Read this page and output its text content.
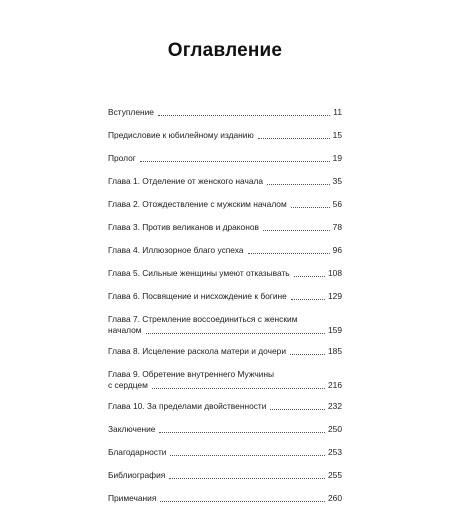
Оглавление
Вступление	11
Предисловие к юбилейному изданию	15
Пролог	19
Глава 1. Отделение от женского начала	35
Глава 2. Отождествление с мужским началом	56
Глава 3. Против великанов и драконов	78
Глава 4. Иллюзорное благо успеха	96
Глава 5. Сильные женщины умеют отказывать	108
Глава 6. Посвящение и нисхождение к богине	129
Глава 7. Стремление воссоединиться с женским
началом	159
Глава 8. Исцеление раскола матери и дочери	185
Глава 9. Обретение внутреннего Мужчины
с сердцем	216
Глава 10. За пределами двойственности	232
Заключение	250
Благодарности	253
Библиография	255
Примечания	260
